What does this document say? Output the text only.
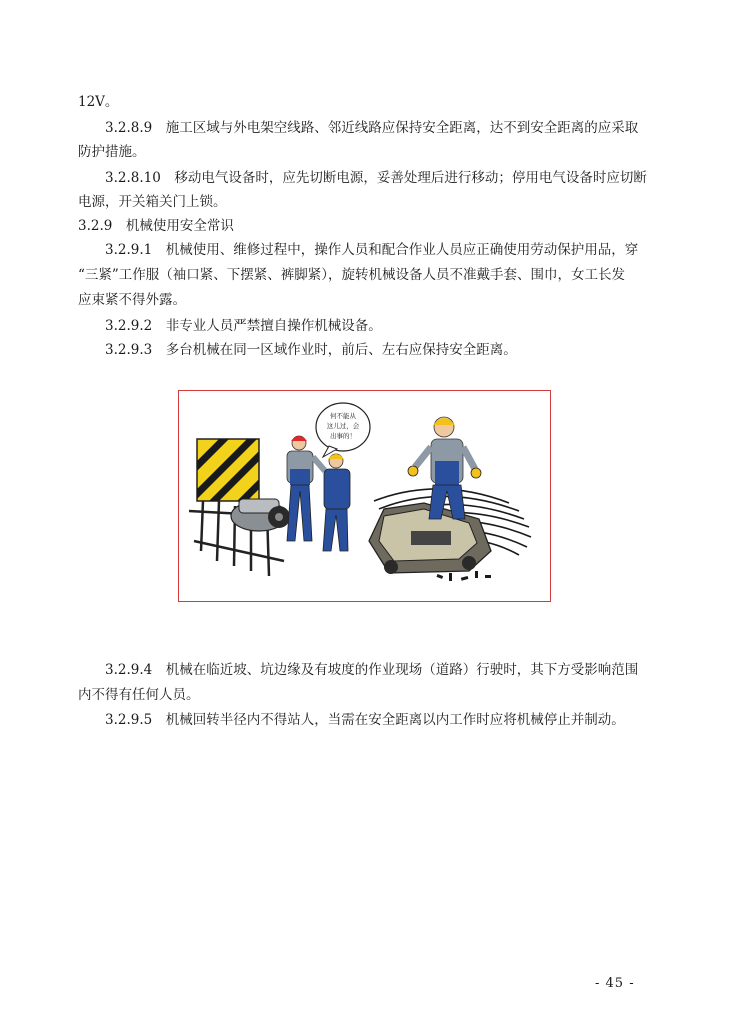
12V。
3.2.8.9　施工区域与外电架空线路、邻近线路应保持安全距离，达不到安全距离的应采取
防护措施。
3.2.8.10　移动电气设备时，应先切断电源，妥善处理后进行移动；停用电气设备时应切断
电源，开关箱关门上锁。
3.2.9　机械使用安全常识
3.2.9.1　机械使用、维修过程中，操作人员和配合作业人员应正确使用劳动保护用品，穿
“三紧”工作服（袖口紧、下摆紧、裤脚紧），旋转机械设备人员不准戴手套、围巾，女工长发
应束紧不得外露。
3.2.9.2　非专业人员严禁擅自操作机械设备。
3.2.9.3　多台机械在同一区域作业时，前后、左右应保持安全距离。
何不能从
这儿过，会
出事的！
3.2.9.4　机械在临近坡、坑边缘及有坡度的作业现场（道路）行驶时，其下方受影响范围
内不得有任何人员。
3.2.9.5　机械回转半径内不得站人，当需在安全距离以内工作时应将机械停止并制动。
- 45 -
